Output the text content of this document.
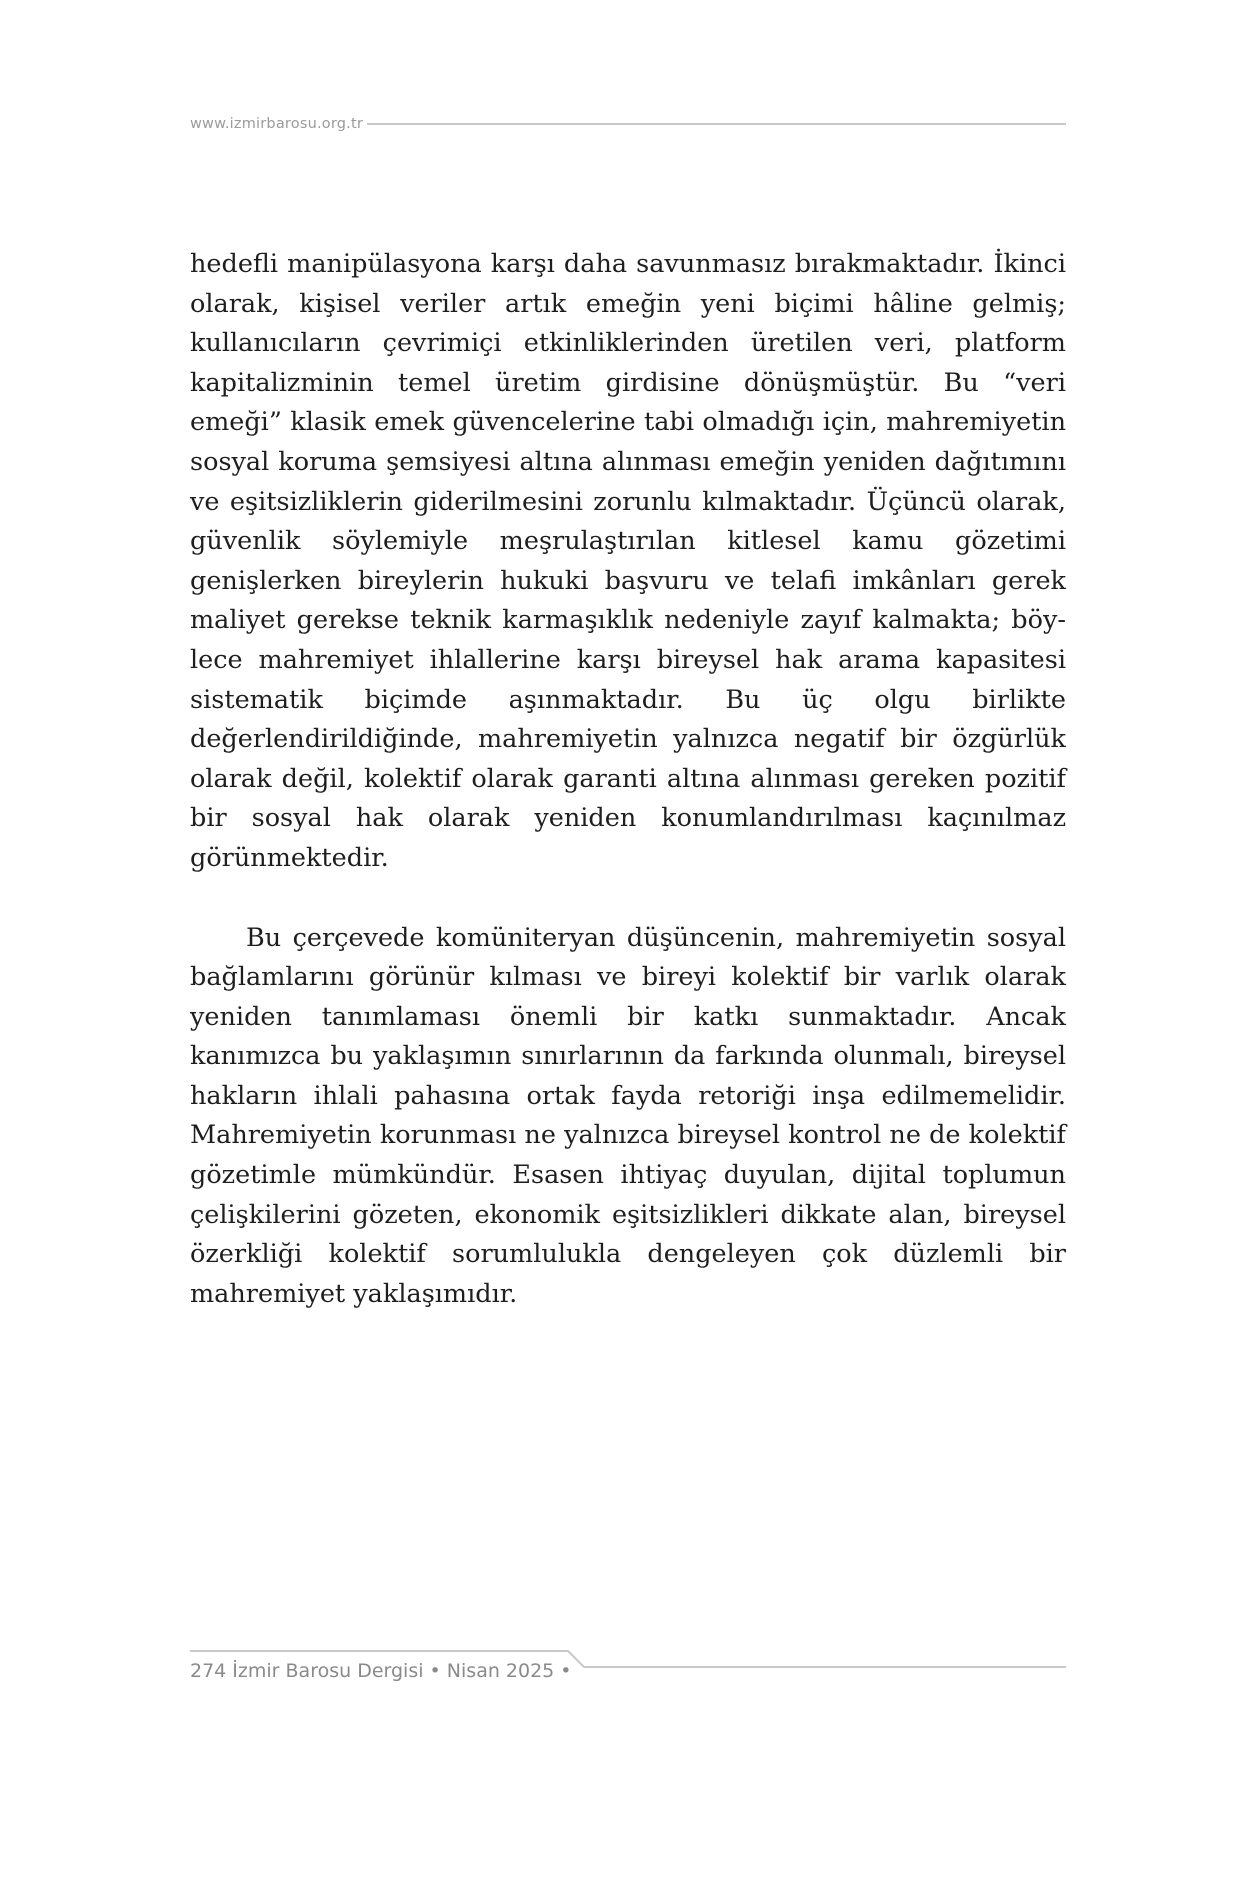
www.izmirbarosu.org.tr

hedefli manipülasyona karşı daha savunmasız bırakmaktadır. İkinci olarak, kişisel veriler artık emeğin yeni biçimi hâline gelmiş; kullanıcıların çevrimiçi etkinliklerinden üretilen veri, platform kapitalizminin temel üretim girdisine dönüşmüştür. Bu “veri emeği” klasik emek güvencelerine tabi olmadığı için, mahremiyetin sosyal koruma şemsiyesi altına alınması emeğin yeniden dağıtımını ve eşitsizliklerin giderilmesini zorunlu kılmaktadır. Üçüncü olarak, güvenlik söylemiyle meşrulaştırılan kitlesel kamu gözetimi genişlerken bireylerin hukuki başvuru ve telafi imkânları gerek maliyet gerekse teknik karmaşıklık nedeniyle zayıf kalmakta; böylece mahremiyet ihlallerine karşı bireysel hak arama kapasitesi sistematik biçimde aşınmaktadır. Bu üç olgu birlikte değerlendirildiğinde, mahremiyetin yalnızca negatif bir özgürlük olarak değil, kolektif olarak garanti altına alınması gereken pozitif bir sosyal hak olarak yeniden konumlandırılması kaçınılmaz görünmektedir.

Bu çerçevede komüniteryan düşüncenin, mahremiyetin sosyal bağlamlarını görünür kılması ve bireyi kolektif bir varlık olarak yeniden tanımlaması önemli bir katkı sunmaktadır. Ancak kanımızca bu yaklaşımın sınırlarının da farkında olunmalı, bireysel hakların ihlali pahasına ortak fayda retoriği inşa edilmemelidir. Mahremiyetin korunması ne yalnızca bireysel kontrol ne de kolektif gözetimle mümkündür. Esasen ihtiyaç duyulan, dijital toplumun çelişkilerini gözeten, ekonomik eşitsizlikleri dikkate alan, bireysel özerkliği kolektif sorumlulukla dengeleyen çok düzlemli bir mahremiyet yaklaşımıdır.

274 İzmir Barosu Dergisi • Nisan 2025 •
